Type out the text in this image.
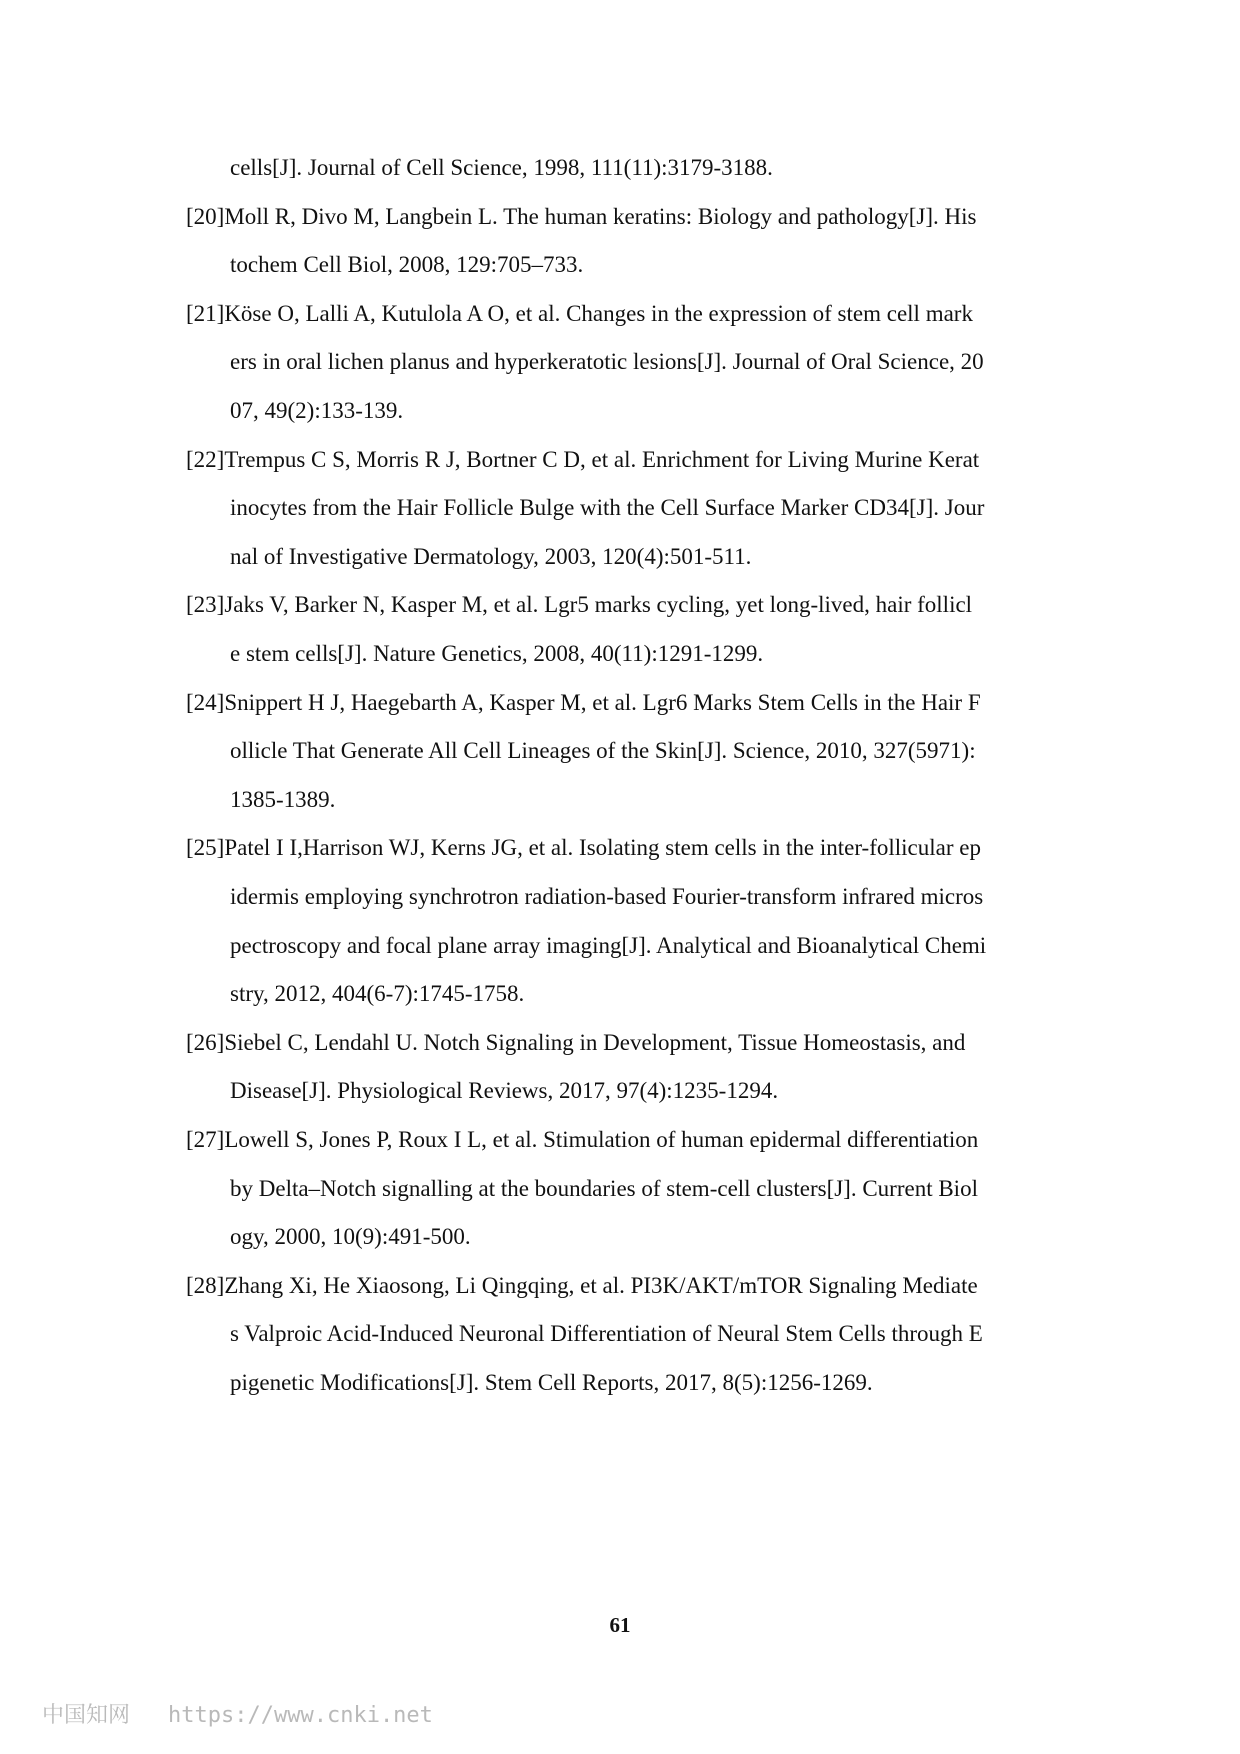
cells[J]. Journal of Cell Science, 1998, 111(11):3179-3188.
[20]Moll R, Divo M, Langbein L. The human keratins: Biology and pathology[J]. His
tochem Cell Biol, 2008, 129:705–733.
[21]Köse O, Lalli A, Kutulola A O, et al. Changes in the expression of stem cell mark
ers in oral lichen planus and hyperkeratotic lesions[J]. Journal of Oral Science, 20
07, 49(2):133-139.
[22]Trempus C S, Morris R J, Bortner C D, et al. Enrichment for Living Murine Kerat
inocytes from the Hair Follicle Bulge with the Cell Surface Marker CD34[J]. Jour
nal of Investigative Dermatology, 2003, 120(4):501-511.
[23]Jaks V, Barker N, Kasper M, et al. Lgr5 marks cycling, yet long-lived, hair follicl
e stem cells[J]. Nature Genetics, 2008, 40(11):1291-1299.
[24]Snippert H J, Haegebarth A, Kasper M, et al. Lgr6 Marks Stem Cells in the Hair F
ollicle That Generate All Cell Lineages of the Skin[J]. Science, 2010, 327(5971):
1385-1389.
[25]Patel I I,Harrison WJ, Kerns JG, et al. Isolating stem cells in the inter-follicular ep
idermis employing synchrotron radiation-based Fourier-transform infrared micros
pectroscopy and focal plane array imaging[J]. Analytical and Bioanalytical Chemi
stry, 2012, 404(6-7):1745-1758.
[26]Siebel C, Lendahl U. Notch Signaling in Development, Tissue Homeostasis, and
Disease[J]. Physiological Reviews, 2017, 97(4):1235-1294.
[27]Lowell S, Jones P, Roux I L, et al. Stimulation of human epidermal differentiation
by Delta–Notch signalling at the boundaries of stem-cell clusters[J]. Current Biol
ogy, 2000, 10(9):491-500.
[28]Zhang Xi, He Xiaosong, Li Qingqing, et al. PI3K/AKT/mTOR Signaling Mediate
s Valproic Acid-Induced Neuronal Differentiation of Neural Stem Cells through E
pigenetic Modifications[J]. Stem Cell Reports, 2017, 8(5):1256-1269.
61
中国知网 https://www.cnki.net
